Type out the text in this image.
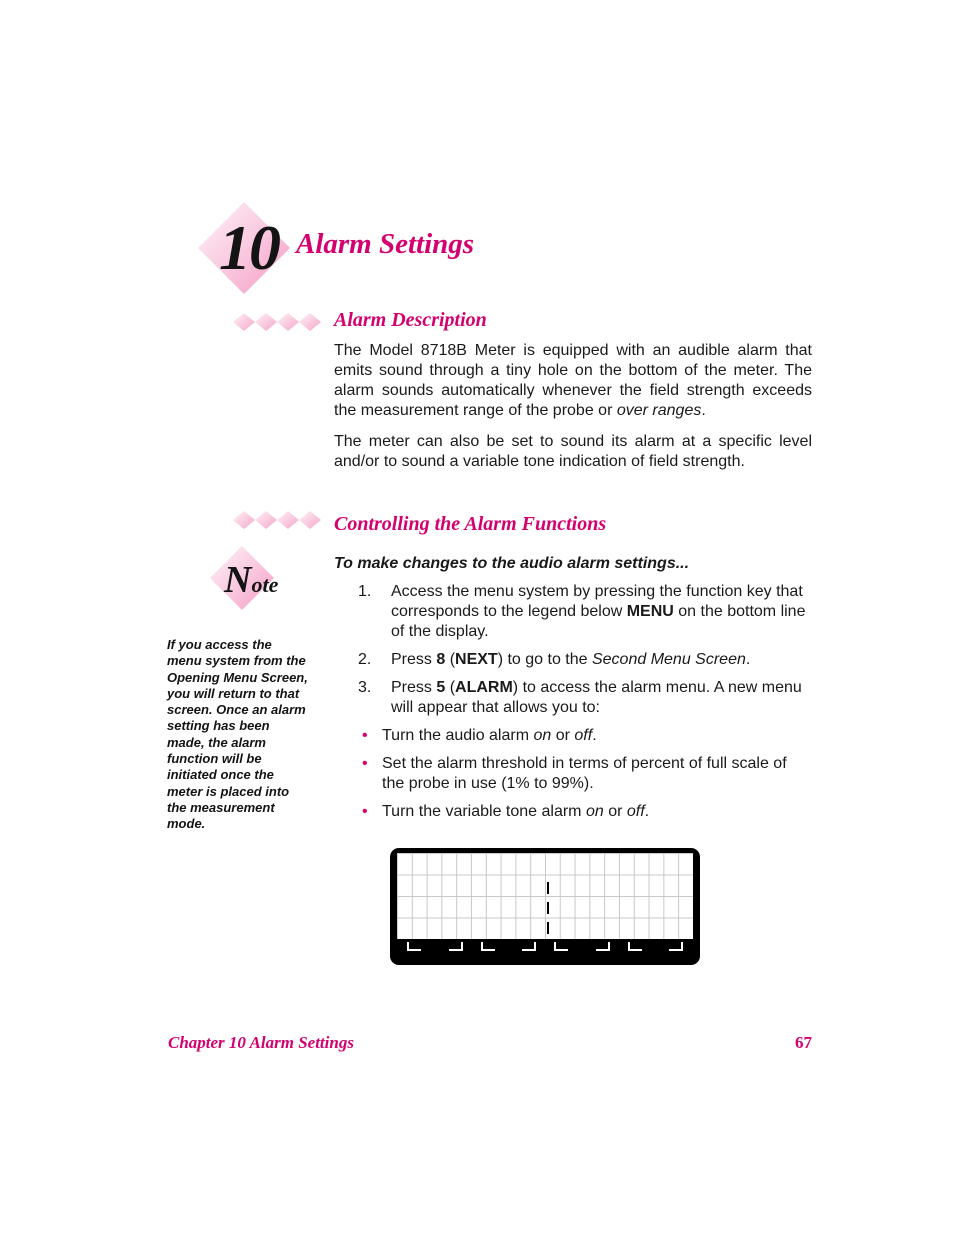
10 Alarm Settings
Alarm Description

The Model 8718B Meter is equipped with an audible alarm that emits sound through a tiny hole on the bottom of the meter. The alarm sounds automatically whenever the field strength exceeds the measurement range of the probe or over ranges.

The meter can also be set to sound its alarm at a specific level and/or to sound a variable tone indication of field strength.

Controlling the Alarm Functions
Note

If you access the menu system from the Opening Menu Screen, you will return to that screen. Once an alarm setting has been made, the alarm function will be initiated once the meter is placed into the measurement mode.

To make changes to the audio alarm settings...
1.	Access the menu system by pressing the function key that corresponds to the legend below MENU on the bottom line of the display.
2.	Press 8 (NEXT) to go to the Second Menu Screen.
3.	Press 5 (ALARM) to access the alarm menu. A new menu will appear that allows you to:
• Turn the audio alarm on or off.
• Set the alarm threshold in terms of percent of full scale of the probe in use (1% to 99%).
• Turn the variable tone alarm on or off.
Chapter 10 Alarm Settings	67
